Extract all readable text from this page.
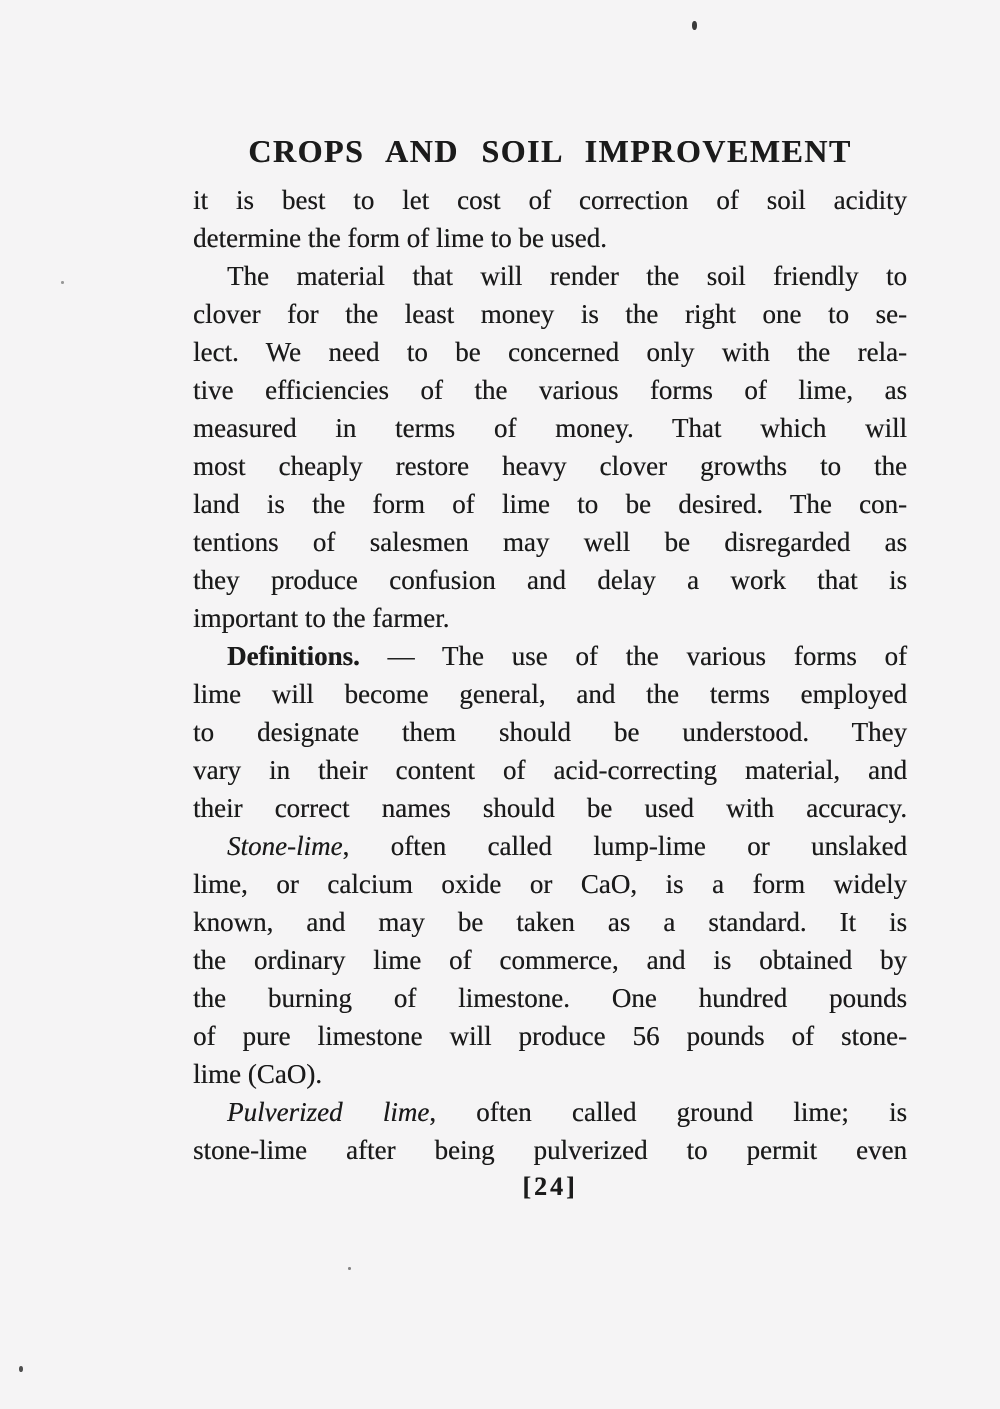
CROPS AND SOIL IMPROVEMENT
it is best to let cost of correction of soil acidity
determine the form of lime to be used.
The material that will render the soil friendly to
clover for the least money is the right one to se-
lect. We need to be concerned only with the rela-
tive efficiencies of the various forms of lime, as
measured in terms of money. That which will
most cheaply restore heavy clover growths to the
land is the form of lime to be desired. The con-
tentions of salesmen may well be disregarded as
they produce confusion and delay a work that is
important to the farmer.
Definitions. — The use of the various forms of
lime will become general, and the terms employed
to designate them should be understood. They
vary in their content of acid-correcting material, and
their correct names should be used with accuracy.
Stone-lime, often called lump-lime or unslaked
lime, or calcium oxide or CaO, is a form widely
known, and may be taken as a standard. It is
the ordinary lime of commerce, and is obtained by
the burning of limestone. One hundred pounds
of pure limestone will produce 56 pounds of stone-
lime (CaO).
Pulverized lime, often called ground lime; is
stone-lime after being pulverized to permit even
[24]
